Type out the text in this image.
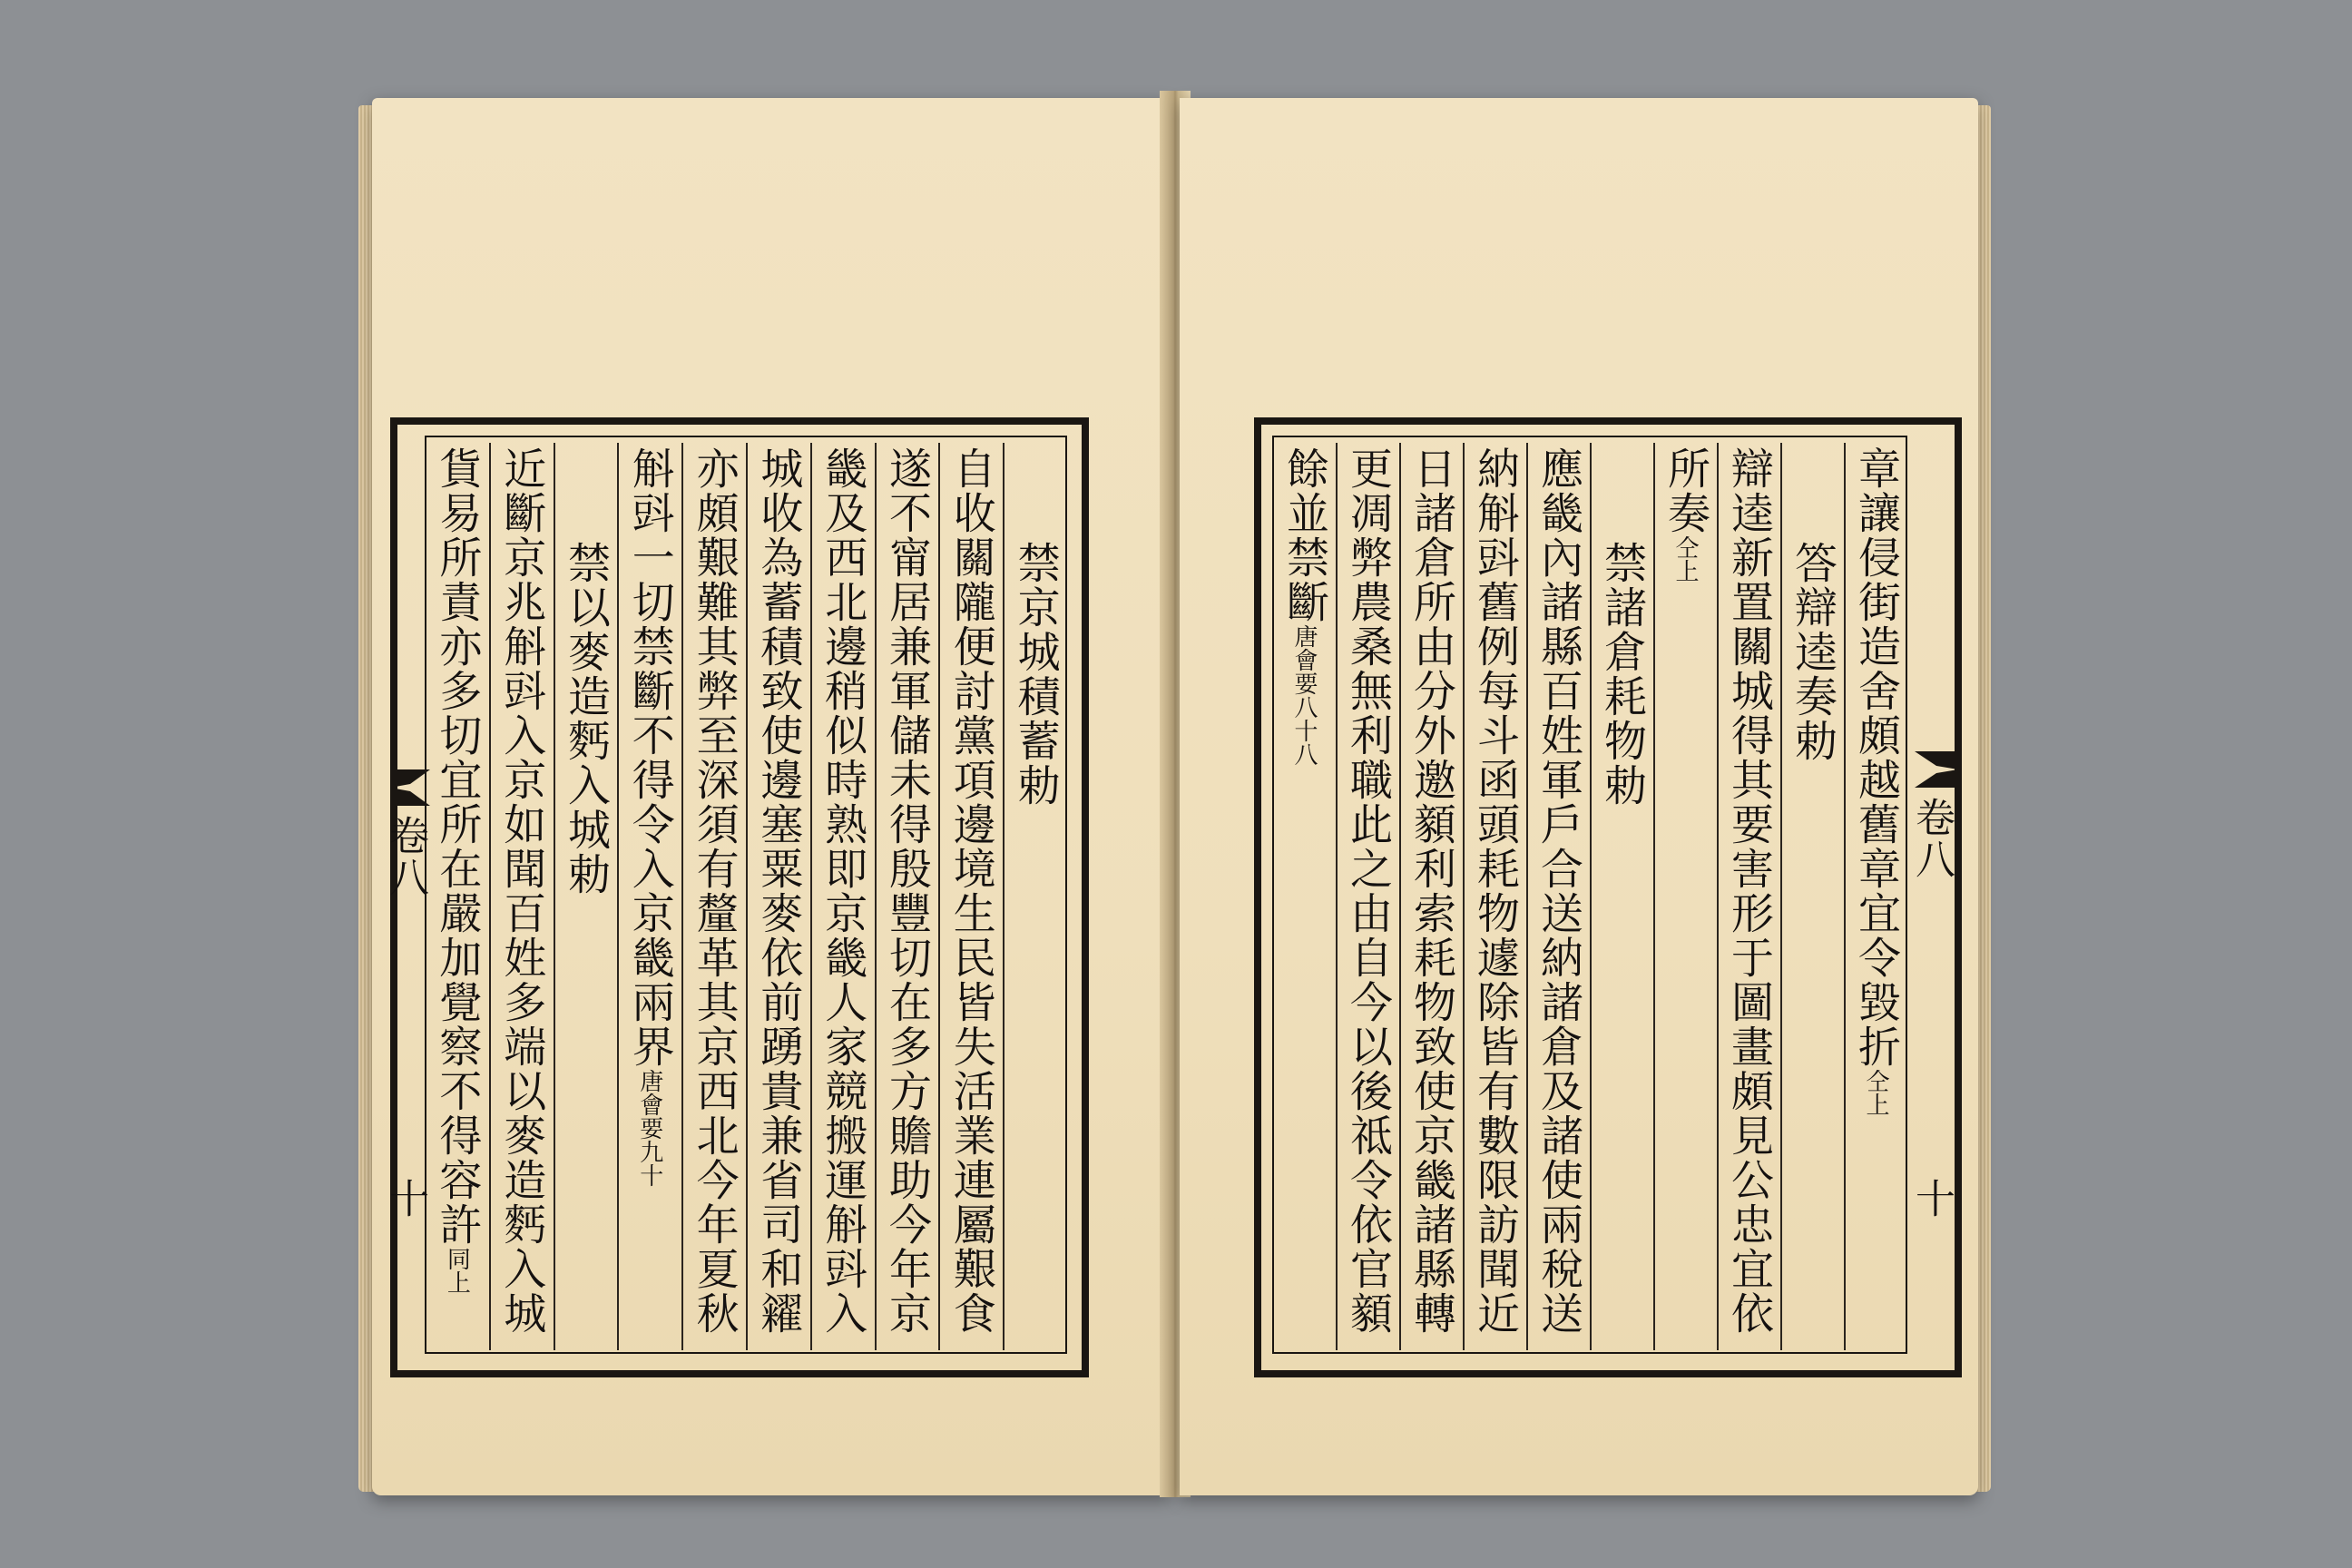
卷八
十
禁京城積蓄勅
自收關隴便討黨項邊境生民皆失活業連屬艱食
遂不甯居兼軍儲未得殷豐切在多方贍助今年京
畿及西北邊稍似時熟即京畿人家競搬運斛㪷入
城收為蓄積致使邊塞粟麥依前踴貴兼省司和糴
亦頗艱難其弊至深須有釐革其京西北今年夏秋
斛㪷一切禁斷不得令入京畿兩界唐會要九十
禁以麥造麫入城勅
近斷京兆斛㪷入京如聞百姓多端以麥造麫入城
貨易所責亦多切宜所在嚴加覺察不得容許同上
卷八
十
章讓侵街造舍頗越舊章宜令毀折仝上
答辯逵奏勅
辯逵新置關城得其要害形于圖畫頗見公忠宜依
所奏仝上
禁諸倉耗物勅
應畿內諸縣百姓軍戶合送納諸倉及諸使兩稅送
納斛㪷舊例每斗函頭耗物遽除皆有數限訪聞近
日諸倉所由分外邀顡利索耗物致使京畿諸縣轉
更凋弊農桑無利職此之由自今以後祗令依官顡
餘並禁斷唐會要八十八
